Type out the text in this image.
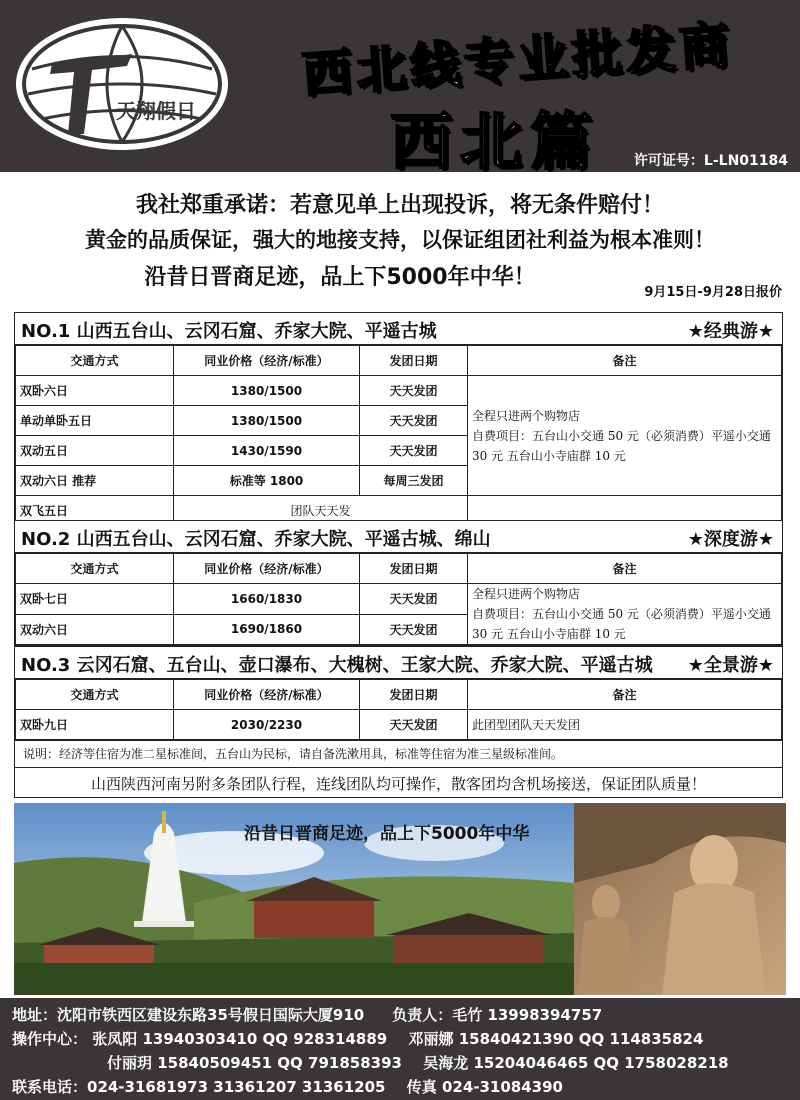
天翔假日
西北线专业批发商
西北篇 许可证号：L-LN01184
我社郑重承诺：若意见单上出现投诉，将无条件赔付！
黄金的品质保证，强大的地接支持，以保证组团社利益为根本准则！
沿昔日晋商足迹，品上下5000年中华！
9月15日-9月28日报价
NO.1 山西五台山、云冈石窟、乔家大院、平遥古城	★经典游★
交通方式	同业价格（经济/标准）	发团日期	备注
双卧六日	1380/1500	天天发团	全程只进两个购物店
自费项目：五台山小交通 50 元（必须消费）平遥小交通 30 元 五台山小寺庙群 10 元

单动单卧五日	1380/1500	天天发团	
双动五日	1430/1590	天天发团	
双动六日 推荐	标准等 1800	每周三发团	
双飞五日	团队天天发		
NO.2 山西五台山、云冈石窟、乔家大院、平遥古城、绵山	★深度游★
交通方式	同业价格（经济/标准）	发团日期	备注
双卧七日	1660/1830	天天发团	全程只进两个购物店
自费项目：五台山小交通 50 元（必须消费）平遥小交通 30 元 五台山小寺庙群 10 元

双动六日	1690/1860	天天发团	
NO.3 云冈石窟、五台山、壶口瀑布、大槐树、王家大院、乔家大院、平遥古城 ★全景游★
交通方式	同业价格（经济/标准）	发团日期	备注
双卧九日	2030/2230	天天发团	此团型团队天天发团
说明：经济等住宿为准二星标准间，五台山为民标，请自备洗漱用具，标准等住宿为准三星级标准间。
山西陕西河南另附多条团队行程，连线团队均可操作，散客团均含机场接送，保证团队质量！
沿昔日晋商足迹，品上下5000年中华
地址：沈阳市铁西区建设东路35号假日国际大厦910 负责人：毛竹 13998394757
操作中心： 张凤阳 13940303410 QQ 928314889 邓丽娜 15840421390 QQ 114835824
付丽玥 15840509451 QQ 791858393 吴海龙 15204046465 QQ 1758028218
联系电话：024-31681973 31361207 31361205 传真 024-31084390
